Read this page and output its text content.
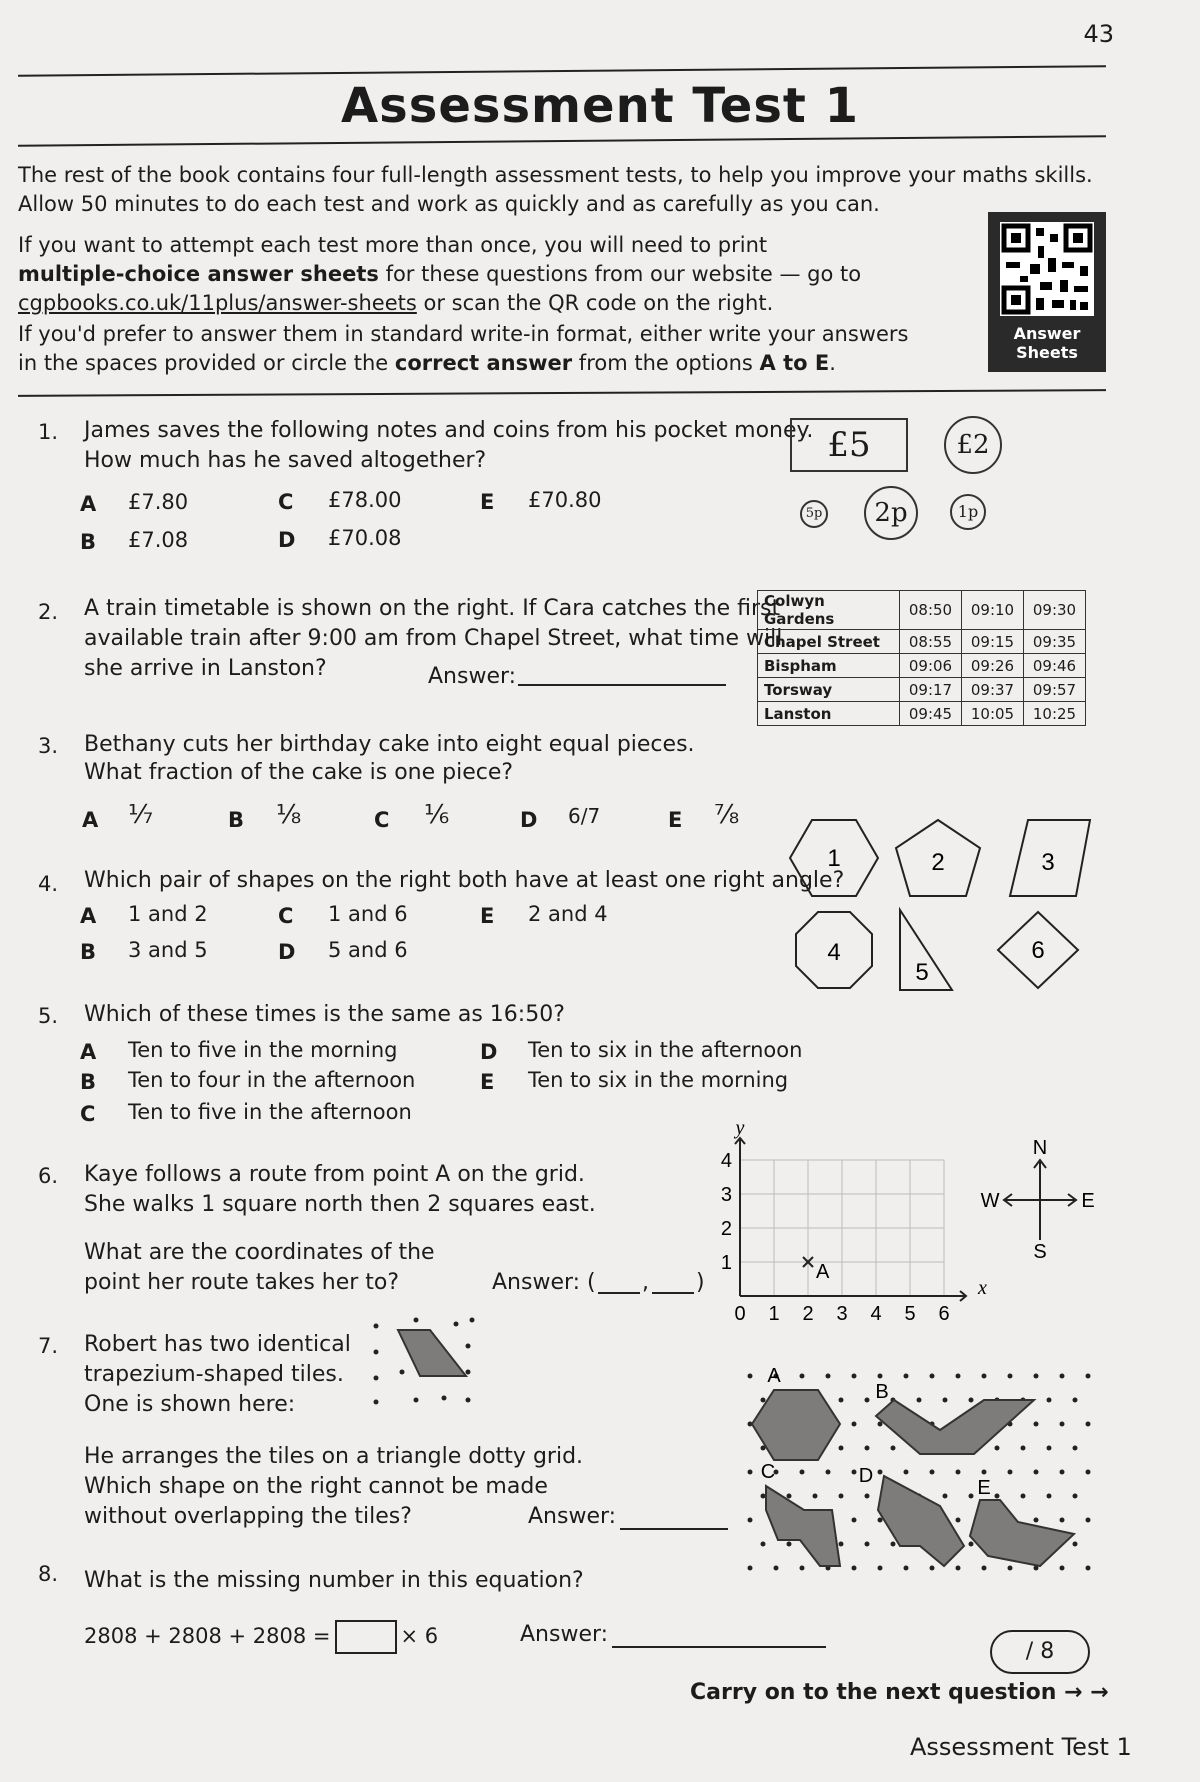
43
Assessment Test 1
The rest of the book contains four full-length assessment tests, to help you improve your maths skills.
Allow 50 minutes to do each test and work as quickly and as carefully as you can.
If you want to attempt each test more than once, you will need to print
multiple-choice answer sheets for these questions from our website — go to
cgpbooks.co.uk/11plus/answer-sheets or scan the QR code on the right.
If you'd prefer to answer them in standard write-in format, either write your answers
in the spaces provided or circle the correct answer from the options A to E.
Answer
Sheets
1. James saves the following notes and coins from his pocket money.
How much has he saved altogether?
A £7.80
B £7.08
C £78.00
D £70.08
E £70.80
£5	£2
5p	2p	1p
2. A train timetable is shown on the right. If Cara catches the first
available train after 9:00 am from Chapel Street, what time will
she arrive in Lanston?	Answer:
Colwyn Gardens	08:50	09:10	09:30
Chapel Street	08:55	09:15	09:35
Bispham	09:06	09:26	09:46
Torsway	09:17	09:37	09:57
Lanston	09:45	10:05	10:25
3. Bethany cuts her birthday cake into eight equal pieces.
What fraction of the cake is one piece?
A ⅐	B ⅛	C ⅙	D 6/7	E ⅞
4. Which pair of shapes on the right both have at least one right angle?
A 1 and 2
B 3 and 5
C 1 and 6
D 5 and 6
E 2 and 4
1	2	3
4
5
6
5. Which of these times is the same as 16:50?
A Ten to five in the morning
B Ten to four in the afternoon
C Ten to five in the afternoon
D Ten to six in the afternoon
E Ten to six in the morning
6. Kaye follows a route from point A on the grid.
She walks 1 square north then 2 squares east.
What are the coordinates of the
point her route takes her to?	Answer: ( , )
0 1 2 3 4 5 6
1
2
3
4
x
y
A
N
S
W	E
7. Robert has two identical
trapezium-shaped tiles.
One is shown here:
He arranges the tiles on a triangle dotty grid.
Which shape on the right cannot be made
without overlapping the tiles?	Answer:
A
B
C	D
E
8. What is the missing number in this equation?
2808 + 2808 + 2808 =	× 6	Answer:
/ 8
Carry on to the next question → →
Assessment Test 1
